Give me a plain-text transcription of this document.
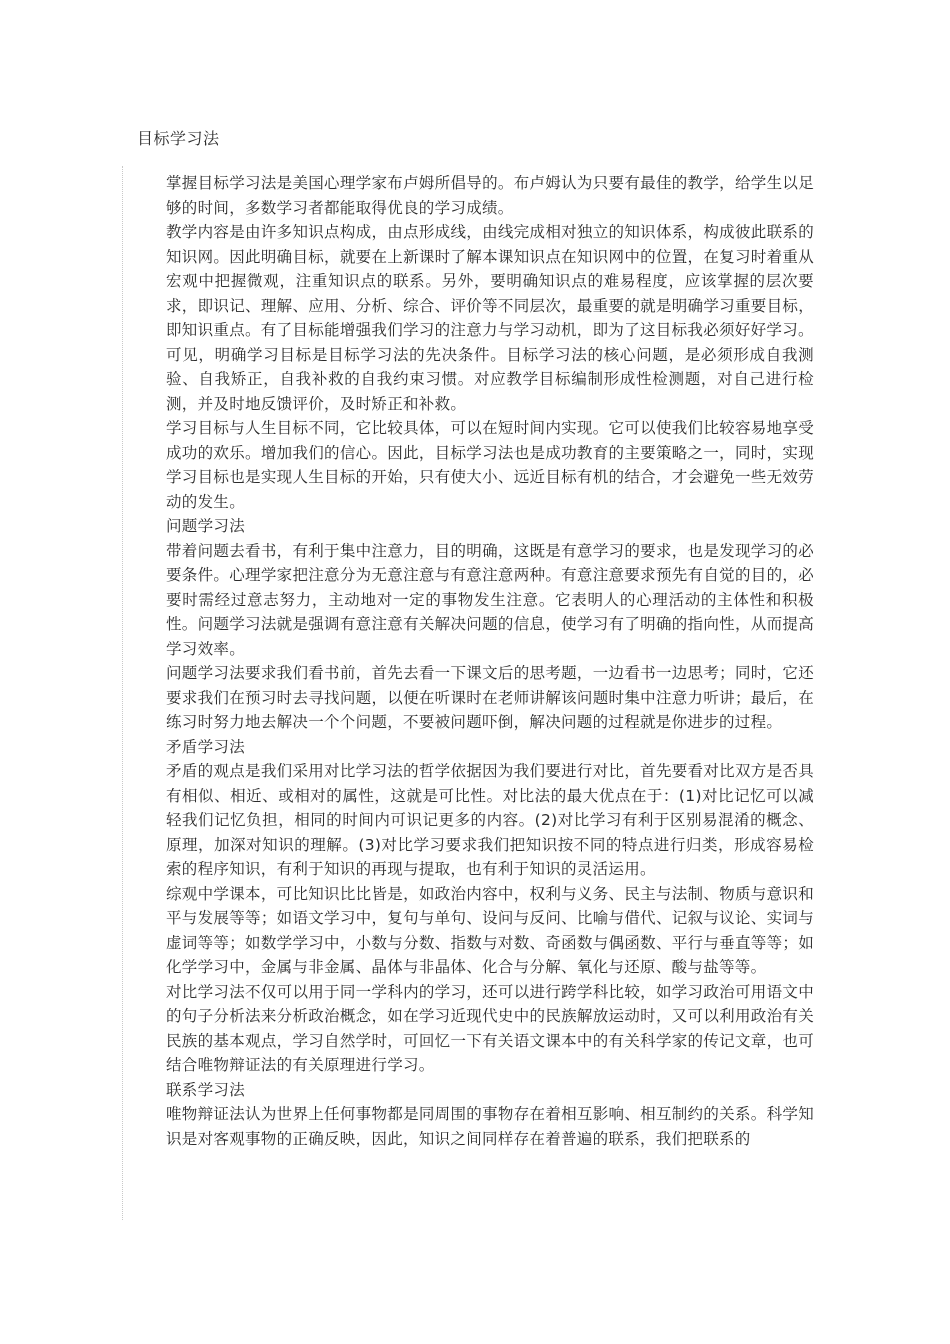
目标学习法

掌握目标学习法是美国心理学家布卢姆所倡导的。布卢姆认为只要有最佳的教学，给学生以足够的时间，多数学习者都能取得优良的学习成绩。

教学内容是由许多知识点构成，由点形成线，由线完成相对独立的知识体系，构成彼此联系的知识网。因此明确目标，就要在上新课时了解本课知识点在知识网中的位置，在复习时着重从宏观中把握微观，注重知识点的联系。另外，要明确知识点的难易程度，应该掌握的层次要求，即识记、理解、应用、分析、综合、评价等不同层次，最重要的就是明确学习重要目标，即知识重点。有了目标能增强我们学习的注意力与学习动机，即为了这目标我必须好好学习。

可见，明确学习目标是目标学习法的先决条件。目标学习法的核心问题，是必须形成自我测验、自我矫正，自我补救的自我约束习惯。对应教学目标编制形成性检测题，对自己进行检测，并及时地反馈评价，及时矫正和补救。

学习目标与人生目标不同，它比较具体，可以在短时间内实现。它可以使我们比较容易地享受成功的欢乐。增加我们的信心。因此，目标学习法也是成功教育的主要策略之一，同时，实现学习目标也是实现人生目标的开始，只有使大小、远近目标有机的结合，才会避免一些无效劳动的发生。

问题学习法

带着问题去看书，有利于集中注意力，目的明确，这既是有意学习的要求，也是发现学习的必要条件。心理学家把注意分为无意注意与有意注意两种。有意注意要求预先有自觉的目的，必要时需经过意志努力，主动地对一定的事物发生注意。它表明人的心理活动的主体性和积极性。问题学习法就是强调有意注意有关解决问题的信息，使学习有了明确的指向性，从而提高学习效率。

问题学习法要求我们看书前，首先去看一下课文后的思考题，一边看书一边思考；同时，它还要求我们在预习时去寻找问题，以便在听课时在老师讲解该问题时集中注意力听讲；最后，在练习时努力地去解决一个个问题，不要被问题吓倒，解决问题的过程就是你进步的过程。

矛盾学习法

矛盾的观点是我们采用对比学习法的哲学依据因为我们要进行对比，首先要看对比双方是否具有相似、相近、或相对的属性，这就是可比性。对比法的最大优点在于：(1)对比记忆可以减轻我们记忆负担，相同的时间内可识记更多的内容。(2)对比学习有利于区别易混淆的概念、原理，加深对知识的理解。(3)对比学习要求我们把知识按不同的特点进行归类，形成容易检索的程序知识，有利于知识的再现与提取，也有利于知识的灵活运用。

综观中学课本，可比知识比比皆是，如政治内容中，权利与义务、民主与法制、物质与意识和平与发展等等；如语文学习中，复句与单句、设问与反问、比喻与借代、记叙与议论、实词与虚词等等；如数学学习中，小数与分数、指数与对数、奇函数与偶函数、平行与垂直等等；如化学学习中，金属与非金属、晶体与非晶体、化合与分解、氧化与还原、酸与盐等等。

对比学习法不仅可以用于同一学科内的学习，还可以进行跨学科比较，如学习政治可用语文中的句子分析法来分析政治概念，如在学习近现代史中的民族解放运动时，又可以利用政治有关民族的基本观点，学习自然学时，可回忆一下有关语文课本中的有关科学家的传记文章，也可结合唯物辩证法的有关原理进行学习。

联系学习法

唯物辩证法认为世界上任何事物都是同周围的事物存在着相互影响、相互制约的关系。科学知识是对客观事物的正确反映，因此，知识之间同样存在着普遍的联系，我们把联系的
